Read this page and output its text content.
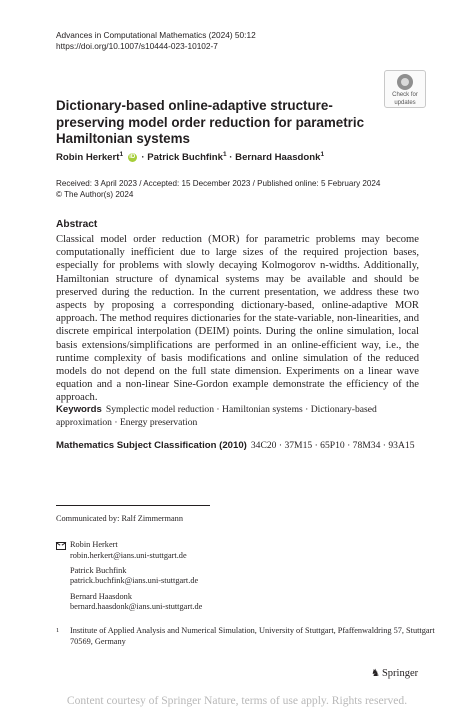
Advances in Computational Mathematics (2024) 50:12
https://doi.org/10.1007/s10444-023-10102-7
Check for
updates
Dictionary-based online-adaptive structure-preserving model order reduction for parametric Hamiltonian systems
Robin Herkert$^1$ iD · Patrick Buchfink$^1$ · Bernard Haasdonk$^1$
Received: 3 April 2023 / Accepted: 15 December 2023 / Published online: 5 February 2024
© The Author(s) 2024
Abstract

Classical model order reduction (MOR) for parametric problems may become computationally inefficient due to large sizes of the required projection bases, especially for problems with slowly decaying Kolmogorov n-widths. Additionally, Hamiltonian structure of dynamical systems may be available and should be preserved during the reduction. In the current presentation, we address these two aspects by proposing a corresponding dictionary-based, online-adaptive MOR approach. The method requires dictionaries for the state-variable, non-linearities, and discrete empirical interpolation (DEIM) points. During the online simulation, local basis extensions/simplifications are performed in an online-efficient way, i.e., the runtime complexity of basis modifications and online simulation of the reduced models do not depend on the full state dimension. Experiments on a linear wave equation and a non-linear Sine-Gordon example demonstrate the efficiency of the approach.

Keywords Symplectic model reduction · Hamiltonian systems · Dictionary-based approximation · Energy preservation
Mathematics Subject Classification (2010) 34C20 · 37M15 · 65P10 · 78M34 · 93A15
Communicated by: Ralf Zimmermann
Robin Herkert
robin.herkert@ians.uni-stuttgart.de
Patrick Buchfink
patrick.buchfink@ians.uni-stuttgart.de
Bernard Haasdonk
bernard.haasdonk@ians.uni-stuttgart.de
1	Institute of Applied Analysis and Numerical Simulation, University of Stuttgart, Pfaffenwaldring 57, Stuttgart 70569, Germany
♞ Springer
Content courtesy of Springer Nature, terms of use apply. Rights reserved.
